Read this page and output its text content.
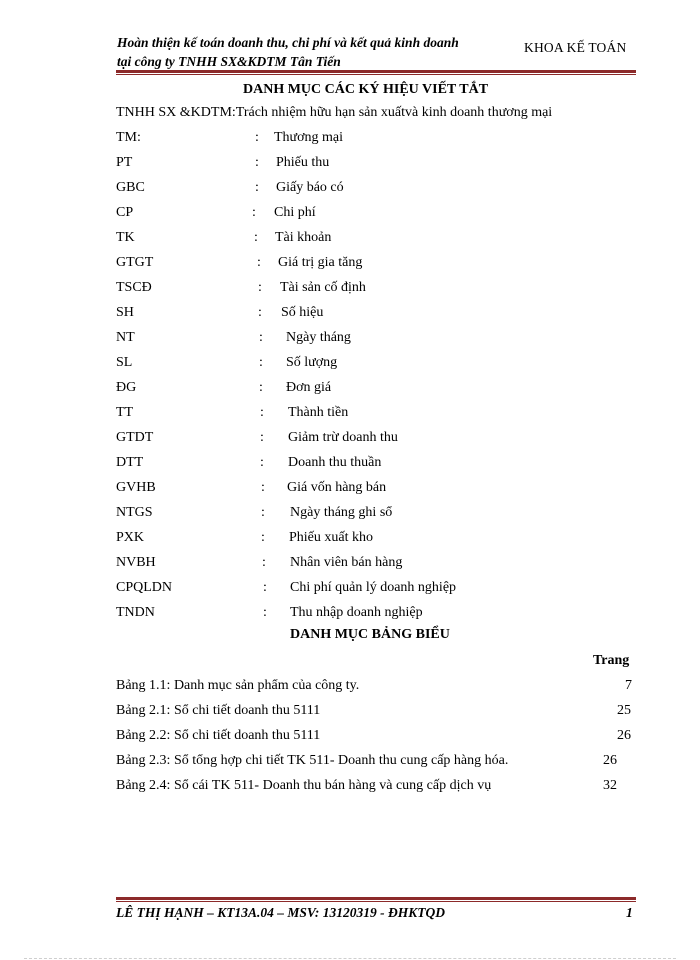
Hoàn thiện kế toán doanh thu, chi phí và kết quả kinh doanh
tại công ty TNHH SX&KDTM Tân Tiến
KHOA KẾ TOÁN
DANH MỤC CÁC KÝ HIỆU VIẾT TẮT
TNHH SX &KDTM:Trách nhiệm hữu hạn sản xuấtvà kinh doanh thương mại
TM:	: Thương mại
PT	: Phiếu thu
GBC	: Giấy báo có
CP	: Chi phí
TK	: Tài khoản
GTGT	: Giá trị gia tăng
TSCĐ	: Tài sản cố định
SH	: Số hiệu
NT	: Ngày tháng
SL	: Số lượng
ĐG	: Đơn giá
TT	: Thành tiền
GTDT	: Giảm trừ doanh thu
DTT	: Doanh thu thuần
GVHB	: Giá vốn hàng bán
NTGS	: Ngày tháng ghi sổ
PXK	: Phiếu xuất kho
NVBH	: Nhân viên bán hàng
CPQLDN	: Chi phí quản lý doanh nghiệp
TNDN	: Thu nhập doanh nghiệp
DANH MỤC BẢNG BIỂU
Trang
Bảng 1.1: Danh mục sản phẩm của công ty.	7
Bảng 2.1: Sổ chi tiết doanh thu 5111	25
Bảng 2.2: Sổ chi tiết doanh thu 5111	26
Bảng 2.3: Sổ tổng hợp chi tiết TK 511- Doanh thu cung cấp hàng hóa.	26
Bảng 2.4: Sổ cái TK 511- Doanh thu bán hàng và cung cấp dịch vụ	32
LÊ THỊ HẠNH – KT13A.04 – MSV: 13120319 - ĐHKTQD	1
